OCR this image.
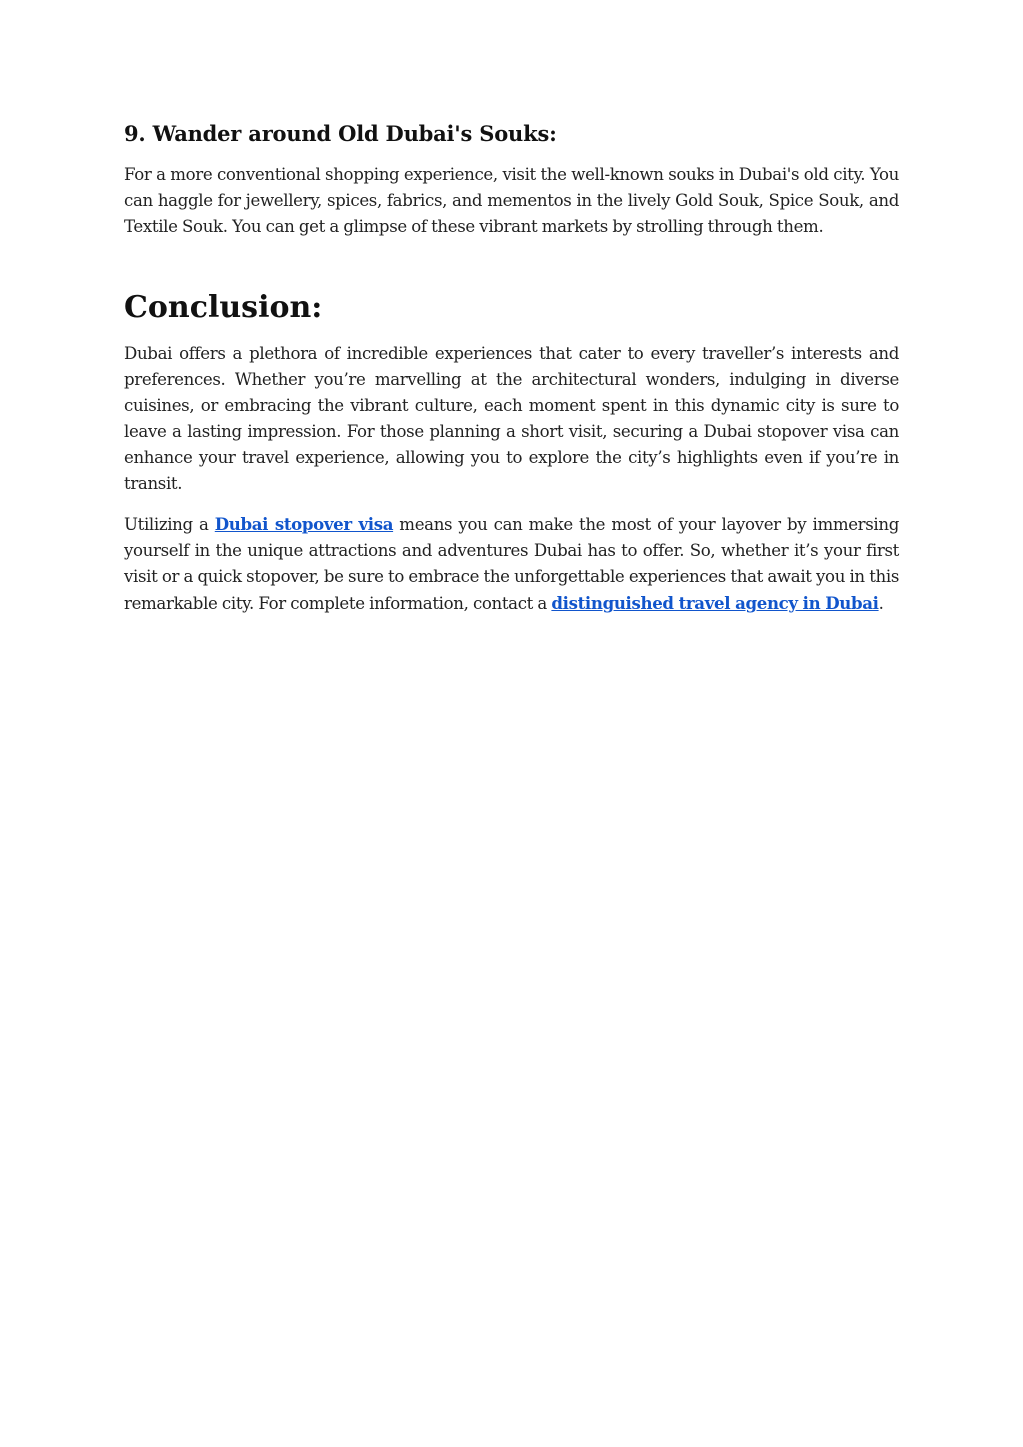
9. Wander around Old Dubai's Souks:

For a more conventional shopping experience, visit the well-known souks in Dubai's old city. You can haggle for jewellery, spices, fabrics, and mementos in the lively Gold Souk, Spice Souk, and Textile Souk. You can get a glimpse of these vibrant markets by strolling through them.

Conclusion:

Dubai offers a plethora of incredible experiences that cater to every traveller’s interests and preferences. Whether you’re marvelling at the architectural wonders, indulging in diverse cuisines, or embracing the vibrant culture, each moment spent in this dynamic city is sure to leave a lasting impression. For those planning a short visit, securing a Dubai stopover visa can enhance your travel experience, allowing you to explore the city’s highlights even if you’re in transit.

Utilizing a Dubai stopover visa means you can make the most of your layover by immersing yourself in the unique attractions and adventures Dubai has to offer. So, whether it’s your first visit or a quick stopover, be sure to embrace the unforgettable experiences that await you in this remarkable city. For complete information, contact a distinguished travel agency in Dubai.
